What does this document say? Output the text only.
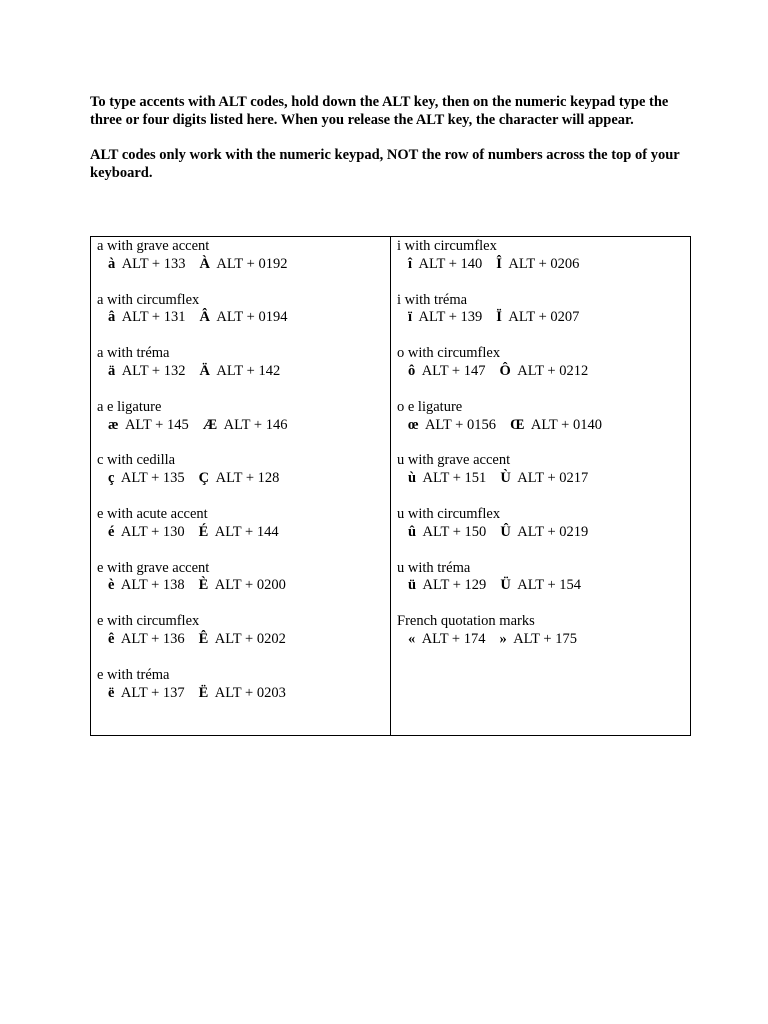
To type accents with ALT codes, hold down the ALT key, then on the numeric keypad type the three or four digits listed here. When you release the ALT key, the character will appear.

ALT codes only work with the numeric keypad, NOT the row of numbers across the top of your keyboard.

a with grave accent
à ALT + 133 À ALT + 0192
a with circumflex
â ALT + 131 Â ALT + 0194
a with tréma
ä ALT + 132 Ä ALT + 142
a e ligature
æ ALT + 145 Æ ALT + 146
c with cedilla
ç ALT + 135 Ç ALT + 128
e with acute accent
é ALT + 130 É ALT + 144
e with grave accent
è ALT + 138 È ALT + 0200
e with circumflex
ê ALT + 136 Ê ALT + 0202
e with tréma
ë ALT + 137 Ë ALT + 0203
i with circumflex
î ALT + 140 Î ALT + 0206
i with tréma
ï ALT + 139 Ï ALT + 0207
o with circumflex
ô ALT + 147 Ô ALT + 0212
o e ligature
œ ALT + 0156 Œ ALT + 0140
u with grave accent
ù ALT + 151 Ù ALT + 0217
u with circumflex
û ALT + 150 Û ALT + 0219
u with tréma
ü ALT + 129 Ü ALT + 154
French quotation marks
« ALT + 174 » ALT + 175
